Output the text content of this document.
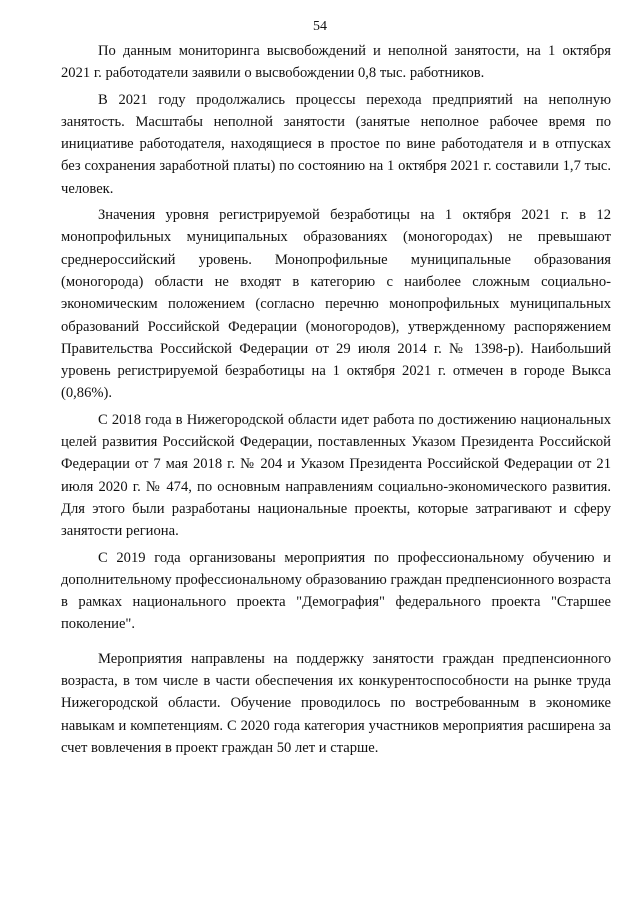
54

По данным мониторинга высвобождений и неполной занятости, на 1 октября 2021 г. работодатели заявили о высвобождении 0,8 тыс. работников.

В 2021 году продолжались процессы перехода предприятий на неполную занятость. Масштабы неполной занятости (занятые неполное рабочее время по инициативе работодателя, находящиеся в простое по вине работодателя и в отпусках без сохранения заработной платы) по состоянию на 1 октября 2021 г. составили 1,7 тыс. человек.

Значения уровня регистрируемой безработицы на 1 октября 2021 г. в 12 монопрофильных муниципальных образованиях (моногородах) не превышают среднероссийский уровень. Монопрофильные муниципальные образования (моногорода) области не входят в категорию с наиболее сложным социально-экономическим положением (согласно перечню монопрофильных муниципальных образований Российской Федерации (моногородов), утвержденному распоряжением Правительства Российской Федерации от 29 июля 2014 г. № 1398-р). Наибольший уровень регистрируемой безработицы на 1 октября 2021 г. отмечен в городе Выкса (0,86%).

С 2018 года в Нижегородской области идет работа по достижению национальных целей развития Российской Федерации, поставленных Указом Президента Российской Федерации от 7 мая 2018 г. № 204 и Указом Президента Российской Федерации от 21 июля 2020 г. № 474, по основным направлениям социально-экономического развития. Для этого были разработаны национальные проекты, которые затрагивают и сферу занятости региона.

С 2019 года организованы мероприятия по профессиональному обучению и дополнительному профессиональному образованию граждан предпенсионного возраста в рамках национального проекта "Демография" федерального проекта "Старшее поколение".

Мероприятия направлены на поддержку занятости граждан предпенсионного возраста, в том числе в части обеспечения их конкурентоспособности на рынке труда Нижегородской области. Обучение проводилось по востребованным в экономике навыкам и компетенциям. С 2020 года категория участников мероприятия расширена за счет вовлечения в проект граждан 50 лет и старше.
